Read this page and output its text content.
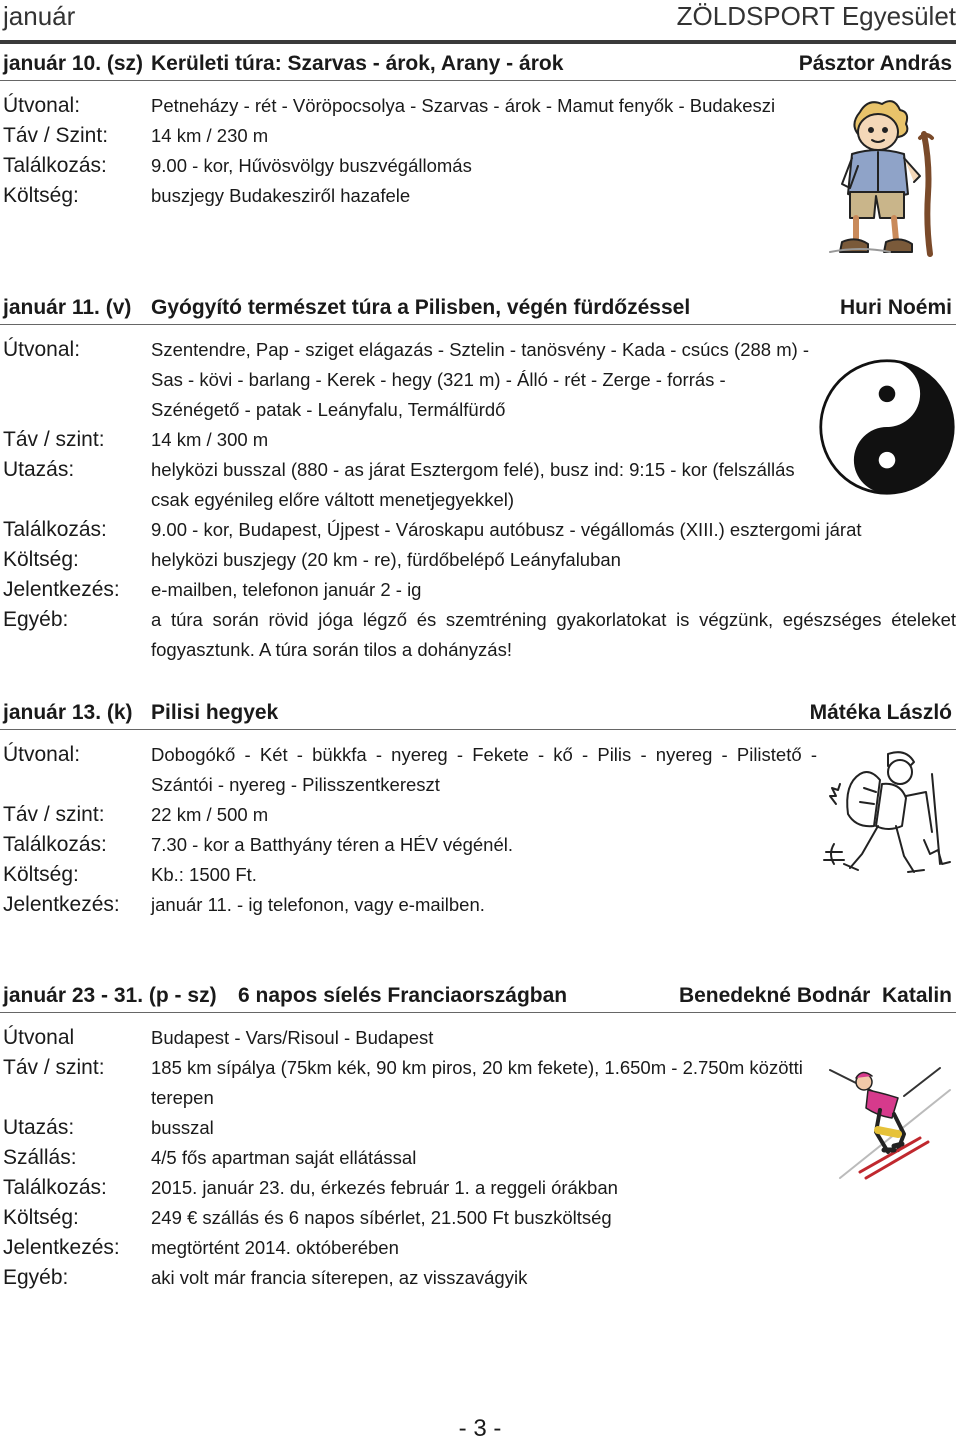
január	ZÖLDSPORT Egyesület
január 10. (sz) Kerületi túra: Szarvas - árok, Arany - árok	Pásztor András
Útvonal:	Petneházy - rét - Vöröpocsolya - Szarvas - árok - Mamut fenyők - Budakeszi
Táv / Szint:	14 km / 230 m
Találkozás:	9.00 - kor, Hűvösvölgy buszvégállomás
Költség:	buszjegy Budakesziről hazafele
január 11. (v) Gyógyító természet túra a Pilisben, végén fürdőzéssel	Huri Noémi
Útvonal:	Szentendre, Pap - sziget elágazás - Sztelin - tanösvény - Kada - csúcs (288 m) -
Sas - kövi - barlang - Kerek - hegy (321 m) - Álló - rét - Zerge - forrás -
Szénégető - patak - Leányfalu, Termálfürdő
Táv / szint:	14 km / 300 m
Utazás:	helyközi busszal (880 - as járat Esztergom felé), busz ind: 9:15 - kor (felszállás
csak egyénileg előre váltott menetjegyekkel)
Találkozás:	9.00 - kor, Budapest, Újpest - Városkapu autóbusz - végállomás (XIII.) esztergomi járat
Költség:	helyközi buszjegy (20 km - re), fürdőbelépő Leányfaluban
Jelentkezés:	e-mailben, telefonon január 2 - ig
Egyéb:	a túra során rövid jóga légző és szemtréning gyakorlatokat is végzünk, egészséges ételeket
fogyasztunk. A túra során tilos a dohányzás!
január 13. (k) Pilisi hegyek	Mátéka László
Útvonal:	Dobogókő - Két - bükkfa - nyereg - Fekete - kő - Pilis - nyereg - Pilistető -
Szántói - nyereg - Pilisszentkereszt
Táv / szint:	22 km / 500 m
Találkozás:	7.30 - kor a Batthyány téren a HÉV végénél.
Költség:	Kb.: 1500 Ft.
Jelentkezés:	január 11. - ig telefonon, vagy e-mailben.
január 23 - 31. (p - sz) 6 napos síelés Franciaországban	Benedekné Bodnár  Katalin
Útvonal	Budapest - Vars/Risoul - Budapest
Táv / szint:	185 km sípálya (75km kék, 90 km piros, 20 km fekete), 1.650m - 2.750m közötti
terepen
Utazás:	busszal
Szállás:	4/5 fős apartman saját ellátással
Találkozás:	2015. január 23. du, érkezés február 1. a reggeli órákban
Költség:	249 € szállás és 6 napos síbérlet, 21.500 Ft buszköltség
Jelentkezés:	megtörtént 2014. októberében
Egyéb:	aki volt már francia síterepen, az visszavágyik
- 3 -
